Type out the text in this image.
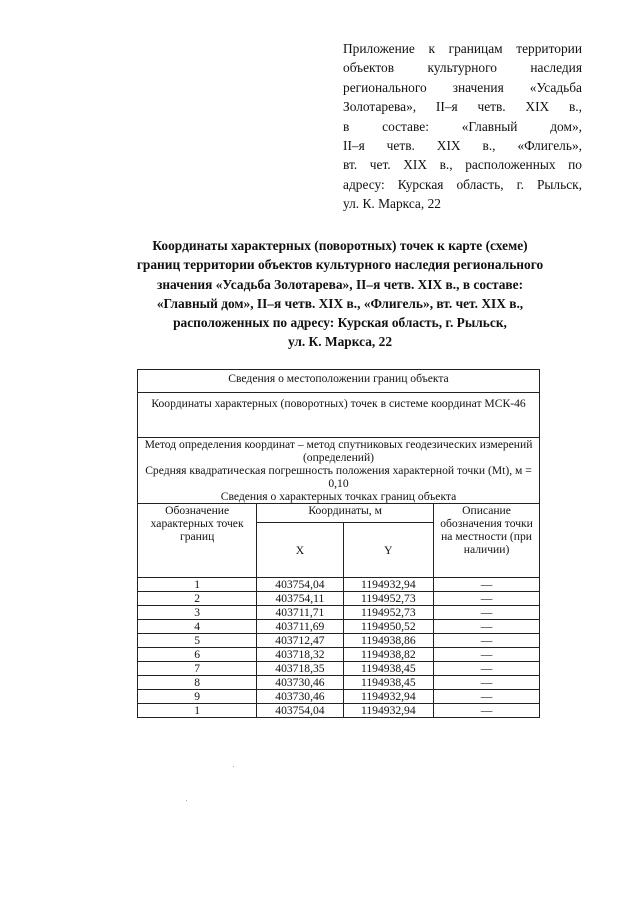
Приложение к границам территории
объектов культурного наследия
регионального значения «Усадьба
Золотарева», II–я четв. XIX в.,
в составе: «Главный дом»,
II–я четв. XIX в., «Флигель»,
вт. чет. XIX в., расположенных по
адресу: Курская область, г. Рыльск,
ул. К. Маркса, 22
Координаты характерных (поворотных) точек к карте (схеме)
границ территории объектов культурного наследия регионального
значения «Усадьба Золотарева», II–я четв. XIX в., в составе:
«Главный дом», II–я четв. XIX в., «Флигель», вт. чет. XIX в.,
расположенных по адресу: Курская область, г. Рыльск,
ул. К. Маркса, 22
Сведения о местоположении границ объекта			
Координаты характерных (поворотных) точек в системе координат МСК-46			

Метод определения координат – метод спутниковых геодезических измерений (определений)
Средняя квадратическая погрешность положения характерной точки (Mt), м = 0,10
Сведения о характерных точках границ объекта			

Обозначение характерных точек границ	Координаты, м		Описание обозначения точки на местности (при наличии)
	X	Y	
1	403754,04	1194932,94	—
2	403754,11	1194952,73	—
3	403711,71	1194952,73	—
4	403711,69	1194950,52	—
5	403712,47	1194938,86	—
6	403718,32	1194938,82	—
7	403718,35	1194938,45	—
8	403730,46	1194938,45	—
9	403730,46	1194932,94	—
1	403754,04	1194932,94	—
